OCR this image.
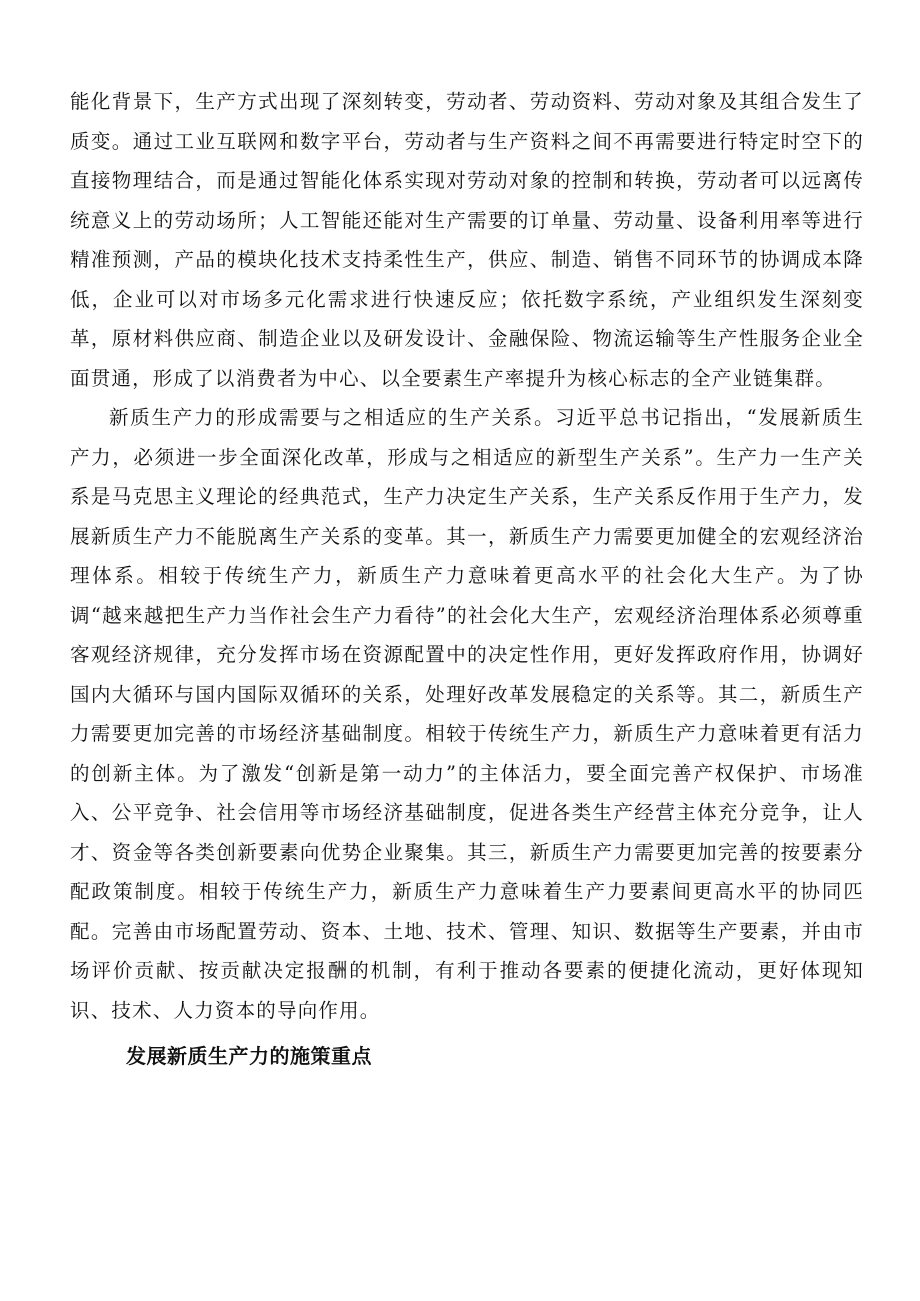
能化背景下，生产方式出现了深刻转变，劳动者、劳动资料、劳动对象及其组合发生了质变。通过工业互联网和数字平台，劳动者与生产资料之间不再需要进行特定时空下的直接物理结合，而是通过智能化体系实现对劳动对象的控制和转换，劳动者可以远离传统意义上的劳动场所；人工智能还能对生产需要的订单量、劳动量、设备利用率等进行精准预测，产品的模块化技术支持柔性生产，供应、制造、销售不同环节的协调成本降低，企业可以对市场多元化需求进行快速反应；依托数字系统，产业组织发生深刻变革，原材料供应商、制造企业以及研发设计、金融保险、物流运输等生产性服务企业全面贯通，形成了以消费者为中心、以全要素生产率提升为核心标志的全产业链集群。

新质生产力的形成需要与之相适应的生产关系。习近平总书记指出，“发展新质生产力，必须进一步全面深化改革，形成与之相适应的新型生产关系”。生产力一生产关系是马克思主义理论的经典范式，生产力决定生产关系，生产关系反作用于生产力，发展新质生产力不能脱离生产关系的变革。其一，新质生产力需要更加健全的宏观经济治理体系。相较于传统生产力，新质生产力意味着更高水平的社会化大生产。为了协调“越来越把生产力当作社会生产力看待”的社会化大生产，宏观经济治理体系必须尊重客观经济规律，充分发挥市场在资源配置中的决定性作用，更好发挥政府作用，协调好国内大循环与国内国际双循环的关系，处理好改革发展稳定的关系等。其二，新质生产力需要更加完善的市场经济基础制度。相较于传统生产力，新质生产力意味着更有活力的创新主体。为了激发“创新是第一动力”的主体活力，要全面完善产权保护、市场准入、公平竞争、社会信用等市场经济基础制度，促进各类生产经营主体充分竞争，让人才、资金等各类创新要素向优势企业聚集。其三，新质生产力需要更加完善的按要素分配政策制度。相较于传统生产力，新质生产力意味着生产力要素间更高水平的协同匹配。完善由市场配置劳动、资本、土地、技术、管理、知识、数据等生产要素，并由市场评价贡献、按贡献决定报酬的机制，有利于推动各要素的便捷化流动，更好体现知识、技术、人力资本的导向作用。

发展新质生产力的施策重点
